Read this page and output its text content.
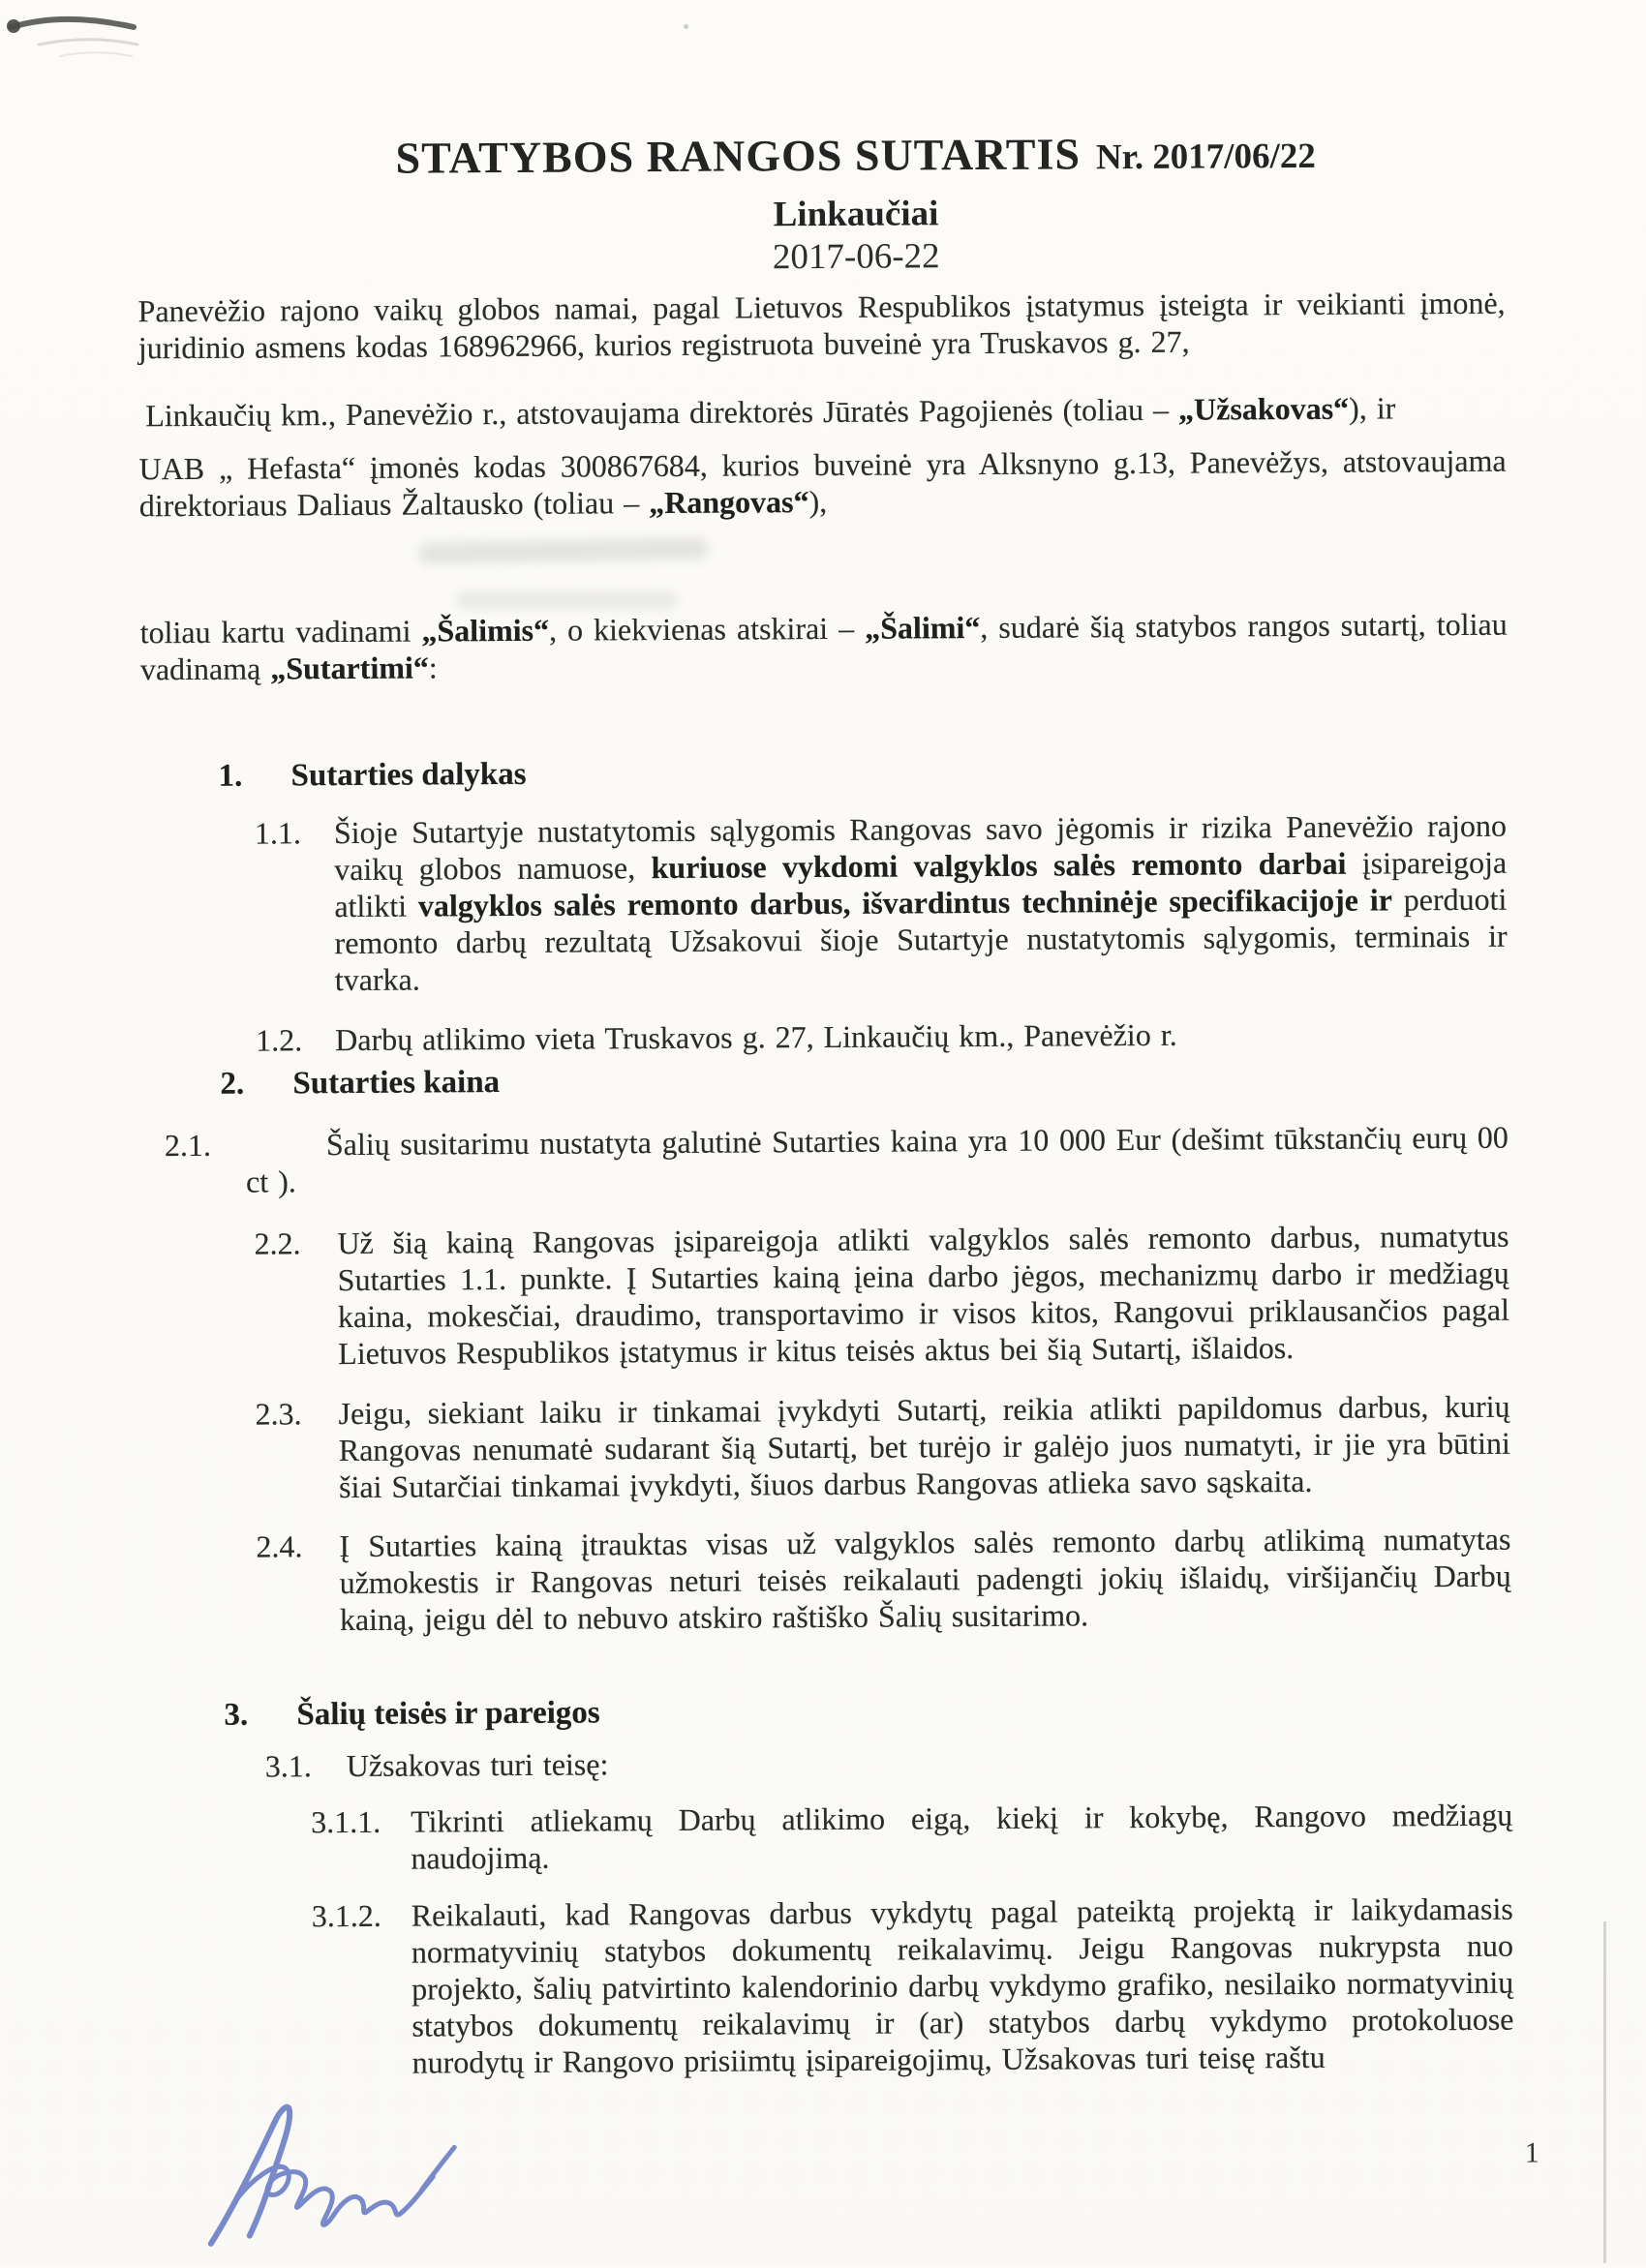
STATYBOS RANGOS SUTARTIS Nr. 2017/06/22
Linkaučiai
2017-06-22
Panevėžio rajono vaikų globos namai, pagal Lietuvos Respublikos įstatymus įsteigta ir veikianti įmonė, juridinio asmens kodas 168962966, kurios registruota buveinė yra Truskavos g. 27,
Linkaučių km., Panevėžio r., atstovaujama direktorės Jūratės Pagojienės (toliau – „Užsakovas“), ir
UAB „ Hefasta“ įmonės kodas 300867684, kurios buveinė yra Alksnyno g.13, Panevėžys, atstovaujama direktoriaus Daliaus Žaltausko (toliau – „Rangovas“),
toliau kartu vadinami „Šalimis“, o kiekvienas atskirai – „Šalimi“, sudarė šią statybos rangos sutartį, toliau vadinamą „Sutartimi“:
1. Sutarties dalykas
1.1. Šioje Sutartyje nustatytomis sąlygomis Rangovas savo jėgomis ir rizika Panevėžio rajono vaikų globos namuose, kuriuose vykdomi valgyklos salės remonto darbai įsipareigoja atlikti valgyklos salės remonto darbus, išvardintus techninėje specifikacijoje ir perduoti remonto darbų rezultatą Užsakovui šioje Sutartyje nustatytomis sąlygomis, terminais ir tvarka.
1.2. Darbų atlikimo vieta Truskavos g. 27, Linkaučių km., Panevėžio r.
2. Sutarties kaina
2.1.	Šalių susitarimu nustatyta galutinė Sutarties kaina yra 10 000 Eur (dešimt tūkstančių eurų 00 ct ).
2.2. Už šią kainą Rangovas įsipareigoja atlikti valgyklos salės remonto darbus, numatytus Sutarties 1.1. punkte. Į Sutarties kainą įeina darbo jėgos, mechanizmų darbo ir medžiagų kaina, mokesčiai, draudimo, transportavimo ir visos kitos, Rangovui priklausančios pagal Lietuvos Respublikos įstatymus ir kitus teisės aktus bei šią Sutartį, išlaidos.
2.3. Jeigu, siekiant laiku ir tinkamai įvykdyti Sutartį, reikia atlikti papildomus darbus, kurių Rangovas nenumatė sudarant šią Sutartį, bet turėjo ir galėjo juos numatyti, ir jie yra būtini šiai Sutarčiai tinkamai įvykdyti, šiuos darbus Rangovas atlieka savo sąskaita.
2.4. Į Sutarties kainą įtrauktas visas už valgyklos salės remonto darbų atlikimą numatytas užmokestis ir Rangovas neturi teisės reikalauti padengti jokių išlaidų, viršijančių Darbų kainą, jeigu dėl to nebuvo atskiro raštiško Šalių susitarimo.
3. Šalių teisės ir pareigos
3.1. Užsakovas turi teisę:
3.1.1. Tikrinti atliekamų Darbų atlikimo eigą, kiekį ir kokybę, Rangovo medžiagų naudojimą.
3.1.2. Reikalauti, kad Rangovas darbus vykdytų pagal pateiktą projektą ir laikydamasis normatyvinių statybos dokumentų reikalavimų. Jeigu Rangovas nukrypsta nuo projekto, šalių patvirtinto kalendorinio darbų vykdymo grafiko, nesilaiko normatyvinių statybos dokumentų reikalavimų ir (ar) statybos darbų vykdymo protokoluose nurodytų ir Rangovo prisiimtų įsipareigojimų, Užsakovas turi teisę raštu
1
